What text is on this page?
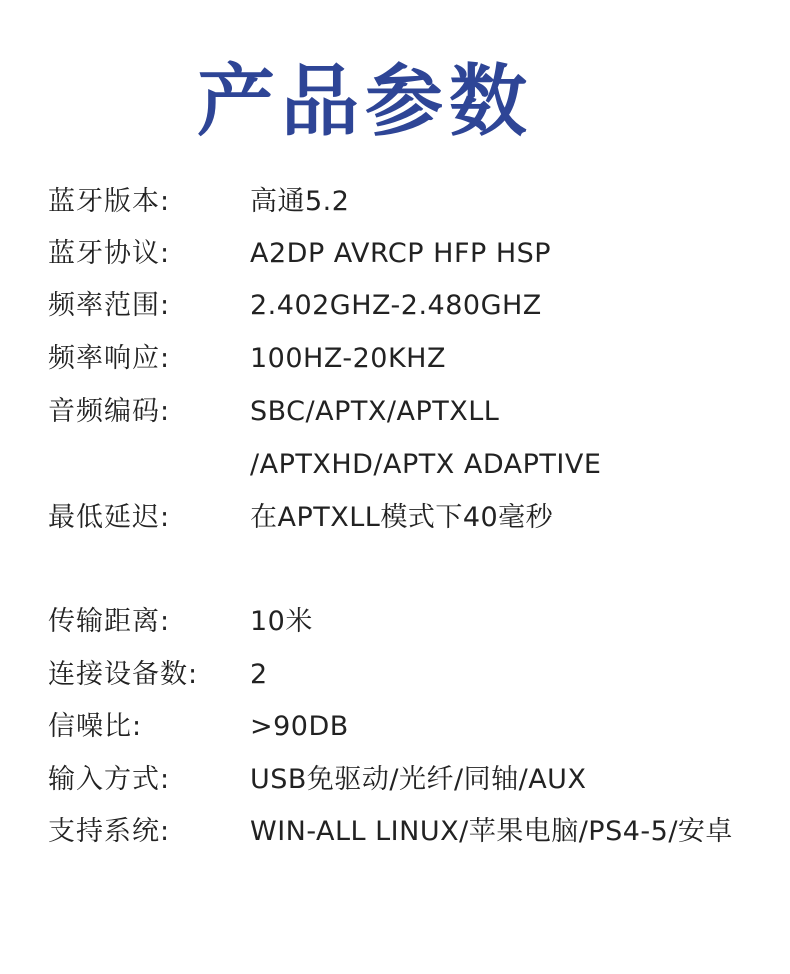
产品参数
蓝牙版本:	高通5.2
蓝牙协议:	A2DP AVRCP HFP HSP
频率范围:	2.402GHZ-2.480GHZ
频率响应:	100HZ-20KHZ
音频编码:	SBC/APTX/APTXLL
/APTXHD/APTX ADAPTIVE
最低延迟:	在APTXLL模式下40毫秒
传输距离:	10米
连接设备数: 2
信噪比:	>90DB
输入方式:	USB免驱动/光纤/同轴/AUX
支持系统:	WIN-ALL LINUX/苹果电脑/PS4-5/安卓
